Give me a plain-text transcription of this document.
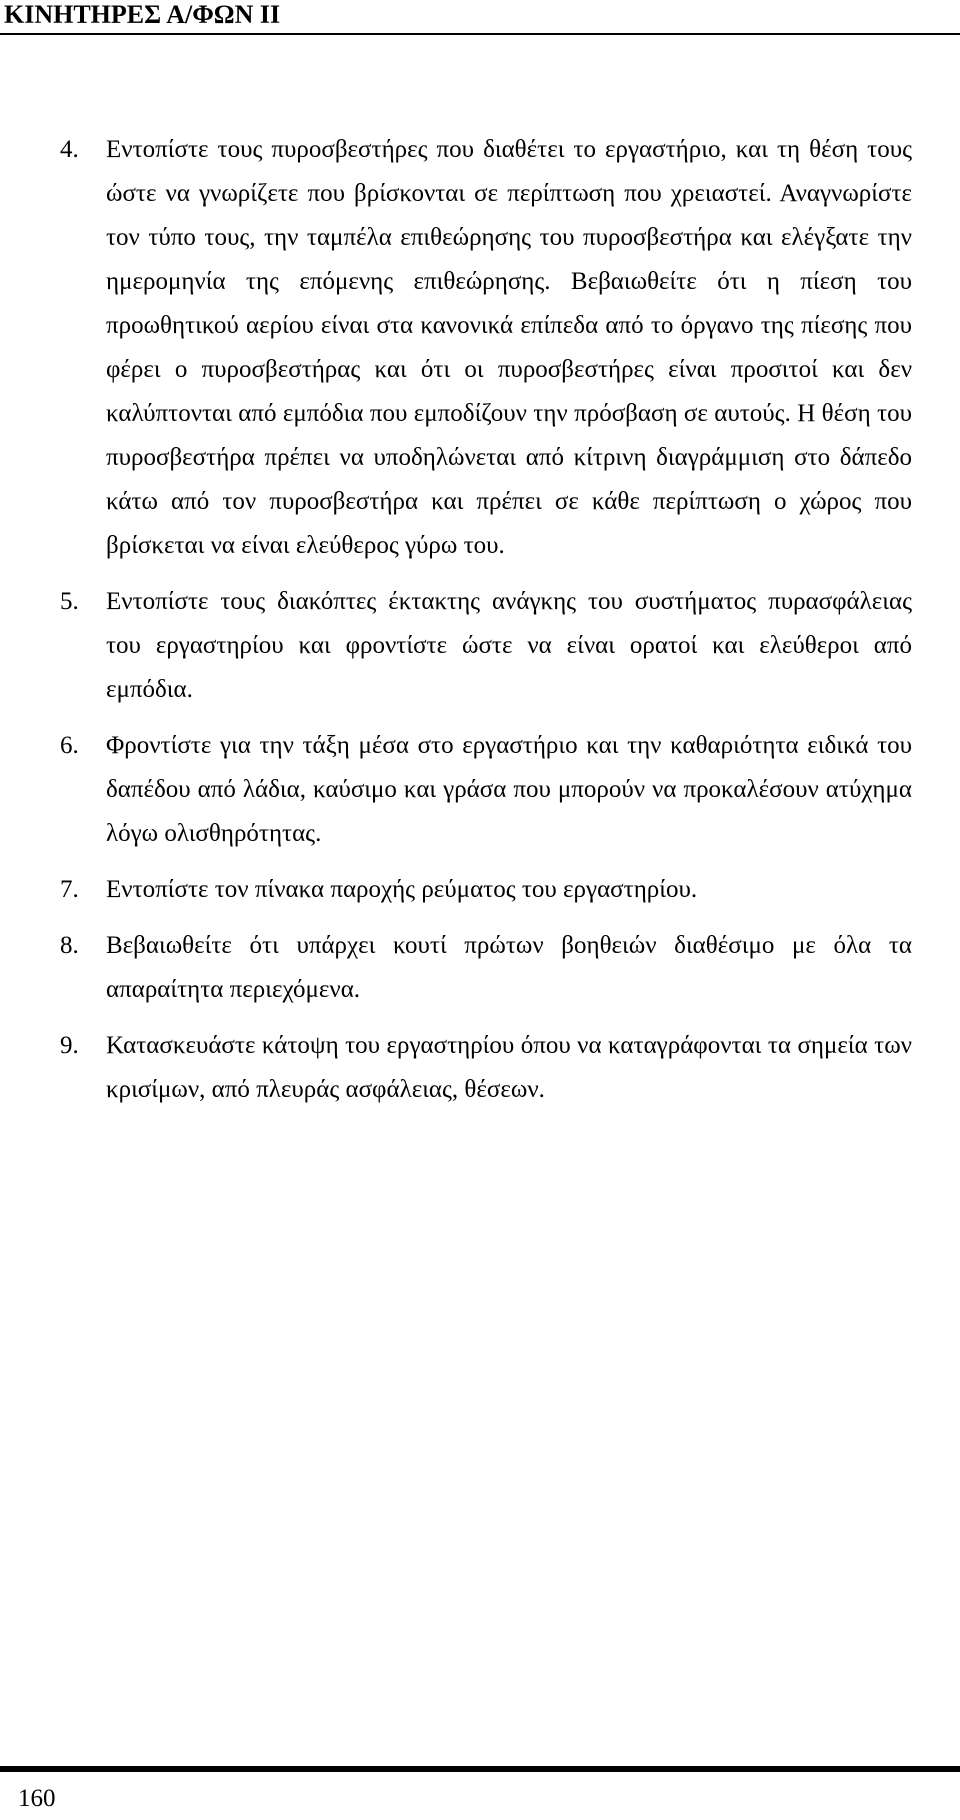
ΚΙΝΗΤΗΡΕΣ Α/ΦΩΝ ΙΙ
4.	Εντοπίστε τους πυροσβεστήρες που διαθέτει το εργαστήριο, και τη θέση τους ώστε να γνωρίζετε που βρίσκονται σε περίπτωση που χρειαστεί. Αναγνωρίστε τον τύπο τους, την ταμπέλα επιθεώρησης του πυροσβεστήρα και ελέγξατε την ημερομηνία της επόμενης επιθεώρησης. Βεβαιωθείτε ότι η πίεση του προωθητικού αερίου είναι στα κανονικά επίπεδα από το όργανο της πίεσης που φέρει ο πυροσβεστήρας και ότι οι πυροσβεστήρες είναι προσιτοί και δεν καλύπτονται από εμπόδια που εμποδίζουν την πρόσβαση σε αυτούς. Η θέση του πυροσβεστήρα πρέπει να υποδηλώνεται από κίτρινη διαγράμμιση στο δάπεδο κάτω από τον πυροσβεστήρα και πρέπει σε κάθε περίπτωση ο χώρος που βρίσκεται να είναι ελεύθερος γύρω του.
5.	Εντοπίστε τους διακόπτες έκτακτης ανάγκης του συστήματος πυρασφάλειας του εργαστηρίου και φροντίστε ώστε να είναι ορατοί και ελεύθεροι από εμπόδια.
6.	Φροντίστε για την τάξη μέσα στο εργαστήριο και την καθαριότητα ειδικά του δαπέδου από λάδια, καύσιμο και γράσα που μπορούν να προκαλέσουν ατύχημα λόγω ολισθηρότητας.
7.	Εντοπίστε τον πίνακα παροχής ρεύματος του εργαστηρίου.
8.	Βεβαιωθείτε ότι υπάρχει κουτί πρώτων βοηθειών διαθέσιμο με όλα τα απαραίτητα περιεχόμενα.
9.	Κατασκευάστε κάτοψη του εργαστηρίου όπου να καταγράφονται τα σημεία των κρισίμων, από πλευράς ασφάλειας, θέσεων.
160
